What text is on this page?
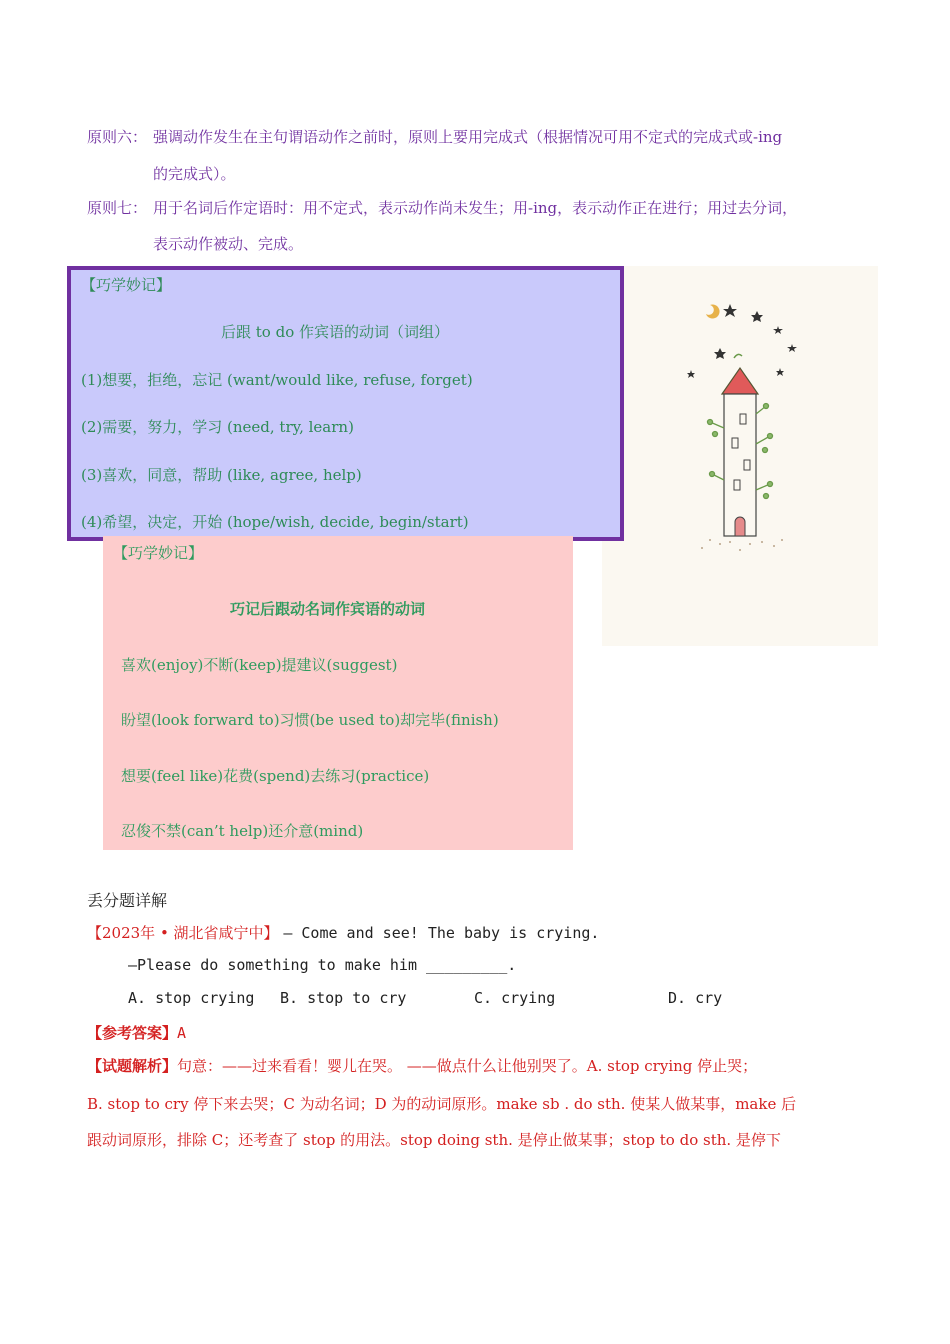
原则六： 强调动作发生在主句谓语动作之前时，原则上要用完成式（根据情况可用不定式的完成式或-ing
的完成式）。
原则七： 用于名词后作定语时：用不定式，表示动作尚未发生；用-ing，表示动作正在进行；用过去分词，
表示动作被动、完成。
【巧学妙记】
后跟 to do 作宾语的动词（词组）
(1)想要，拒绝，忘记 (want/would like, refuse, forget)
(2)需要，努力，学习 (need, try, learn)
(3)喜欢，同意，帮助 (like, agree, help)
(4)希望，决定，开始 (hope/wish, decide, begin/start)
【巧学妙记】
巧记后跟动名词作宾语的动词
喜欢(enjoy)不断(keep)提建议(suggest)
盼望(look forward to)习惯(be used to)却完毕(finish)
想要(feel like)花费(spend)去练习(practice)
忍俊不禁(can’t help)还介意(mind)
丢分题详解
【2023年 • 湖北省咸宁中】 — Come and see! The baby is crying.
—Please do something to make him _________.
A. stop crying B. stop to cry	C. crying	D. cry
【参考答案】A
【试题解析】句意：——过来看看！婴儿在哭。 ——做点什么让他别哭了。A. stop crying 停止哭；
B. stop to cry 停下来去哭；C 为动名词；D 为的动词原形。make sb . do sth. 使某人做某事，make 后
跟动词原形，排除 C；还考查了 stop 的用法。stop doing sth. 是停止做某事；stop to do sth. 是停下
